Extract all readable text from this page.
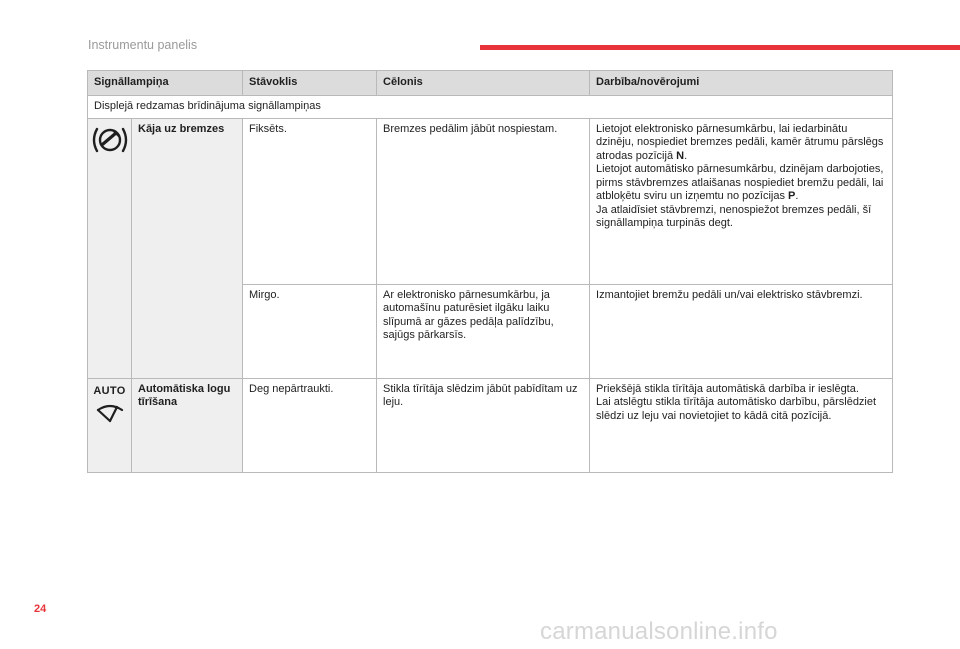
Instrumentu panelis
Signāllampiņa		Stāvoklis	Cēlonis	Darbība/novērojumi
Displejā redzamas brīdinājuma signāllampiņas				
	Kāja uz bremzes	Fiksēts.	Bremzes pedālim jābūt nospiestam.	Lietojot elektronisko pārnesumkārbu, lai iedarbinātu dzinēju, nospiediet bremzes pedāli, kamēr ātrumu pārslēgs atrodas pozīcijā N.
Lietojot automātisko pārnesumkārbu, dzinējam darbojoties, pirms stāvbremzes atlaišanas nospiediet bremžu pedāli, lai atbloķētu sviru un izņemtu no pozīcijas P.
Ja atlaidīsiet stāvbremzi, nenospiežot bremzes pedāli, šī signāllampiņa turpinās degt.
		Mirgo.	Ar elektronisko pārnesumkārbu, ja automašīnu paturēsiet ilgāku laiku slīpumā ar gāzes pedāļa palīdzību, sajūgs pārkarsīs.	Izmantojiet bremžu pedāli un/vai elektrisko stāvbremzi.

AUTO	Automātiska logu tīrīšana	Deg nepārtraukti.	Stikla tīrītāja slēdzim jābūt pabīdītam uz leju.	Priekšējā stikla tīrītāja automātiskā darbība ir ieslēgta.
Lai atslēgtu stikla tīrītāja automātisko darbību, pārslēdziet slēdzi uz leju vai novietojiet to kādā citā pozīcijā.
24
carmanualsonline.info
